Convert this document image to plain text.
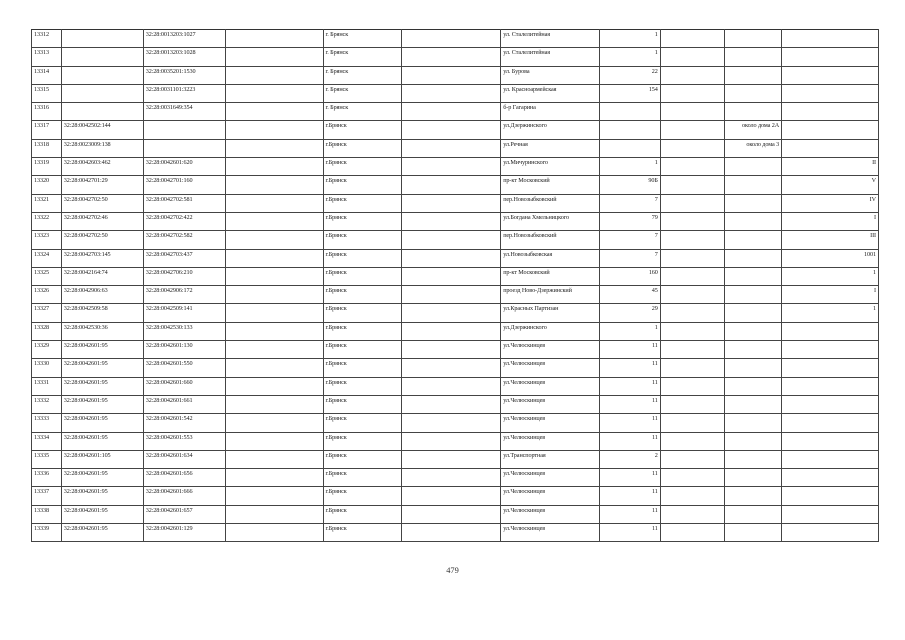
13312		32:28:0013203:1027		г. Брянск		ул. Сталелитейная	1			
13313		32:28:0013203:1028		г. Брянск		ул. Сталелитейная	1			
13314		32:28:0035201:1530		г. Брянск		ул. Бурова	22			
13315		32:28:0031101:3223		г. Брянск		ул. Красноармейская	154			
13316		32:28:0031649:354		г. Брянск		б-р Гагарина				
13317	32:28:0042502:144			г.Брянск		ул.Дзержинского			около дома 2А	
13318	32:28:0023009:138			г.Брянск		ул.Речная			около дома 3	
13319	32:28:0042603:462	32:28:0042601:620		г.Брянск		ул.Мичуринского	1			II
13320	32:28:0042701:29	32:28:0042701:160		г.Брянск		пр-кт Московский	90Б			V
13321	32:28:0042702:50	32:28:0042702:581		г.Брянск		пер.Новозыбковский	7			IV
13322	32:28:0042702:46	32:28:0042702:422		г.Брянск		ул.Богдана Хмельницкого	79			I
13323	32:28:0042702:50	32:28:0042702:582		г.Брянск		пер.Новозыбковский	7			III
13324	32:28:0042703:145	32:28:0042703:437		г.Брянск		ул.Новозыбковская	7			1001
13325	32:28:0042164:74	32:28:0042706:210		г.Брянск		пр-кт Московский	160			1
13326	32:28:0042906:63	32:28:0042906:172		г.Брянск		проезд Ново-Дзержинский	45			I
13327	32:28:0042509:58	32:28:0042509:141		г.Брянск		ул.Красных Партизан	29			1
13328	32:28:0042530:36	32:28:0042530:133		г.Брянск		ул.Дзержинского	1			
13329	32:28:0042601:95	32:28:0042601:130		г.Брянск		ул.Челюскинцев	11			
13330	32:28:0042601:95	32:28:0042601:550		г.Брянск		ул.Челюскинцев	11			
13331	32:28:0042601:95	32:28:0042601:660		г.Брянск		ул.Челюскинцев	11			
13332	32:28:0042601:95	32:28:0042601:661		г.Брянск		ул.Челюскинцев	11			
13333	32:28:0042601:95	32:28:0042601:542		г.Брянск		ул.Челюскинцев	11			
13334	32:28:0042601:95	32:28:0042601:553		г.Брянск		ул.Челюскинцев	11			
13335	32:28:0042601:105	32:28:0042601:634		г.Брянск		ул.Транспортная	2			
13336	32:28:0042601:95	32:28:0042601:656		г.Брянск		ул.Челюскинцев	11			
13337	32:28:0042601:95	32:28:0042601:666		г.Брянск		ул.Челюскинцев	11			
13338	32:28:0042601:95	32:28:0042601:657		г.Брянск		ул.Челюскинцев	11			
13339	32:28:0042601:95	32:28:0042601:129		г.Брянск		ул.Челюскинцев	11			
479
